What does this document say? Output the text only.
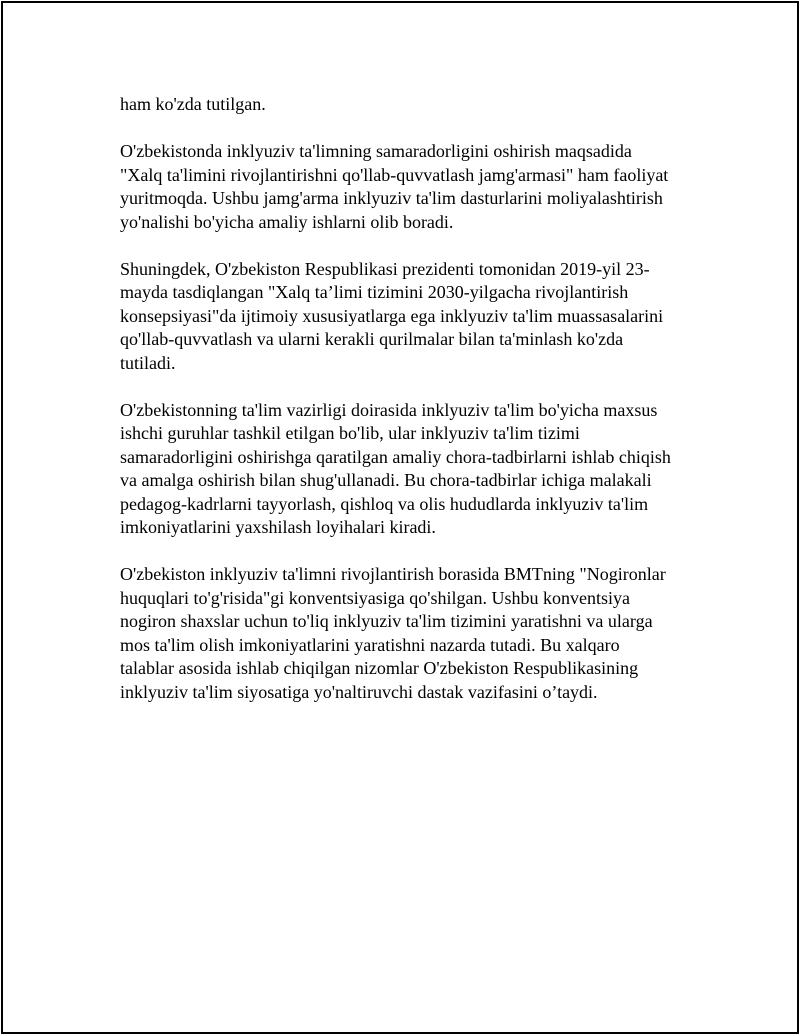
ham ko'zda tutilgan.

O'zbekistonda inklyuziv ta'limning samaradorligini oshirish maqsadida
"Xalq ta'limini rivojlantirishni qo'llab-quvvatlash jamg'armasi" ham faoliyat
yuritmoqda. Ushbu jamg'arma inklyuziv ta'lim dasturlarini moliyalashtirish
yo'nalishi bo'yicha amaliy ishlarni olib boradi.

Shuningdek, O'zbekiston Respublikasi prezidenti tomonidan 2019-yil 23-
mayda tasdiqlangan "Xalq ta’limi tizimini 2030-yilgacha rivojlantirish
konsepsiyasi"da ijtimoiy xususiyatlarga ega inklyuziv ta'lim muassasalarini
qo'llab-quvvatlash va ularni kerakli qurilmalar bilan ta'minlash ko'zda
tutiladi.

O'zbekistonning ta'lim vazirligi doirasida inklyuziv ta'lim bo'yicha maxsus
ishchi guruhlar tashkil etilgan bo'lib, ular inklyuziv ta'lim tizimi
samaradorligini oshirishga qaratilgan amaliy chora-tadbirlarni ishlab chiqish
va amalga oshirish bilan shug'ullanadi. Bu chora-tadbirlar ichiga malakali
pedagog-kadrlarni tayyorlash, qishloq va olis hududlarda inklyuziv ta'lim
imkoniyatlarini yaxshilash loyihalari kiradi.

O'zbekiston inklyuziv ta'limni rivojlantirish borasida BMTning "Nogironlar
huquqlari to'g'risida"gi konventsiyasiga qo'shilgan. Ushbu konventsiya
nogiron shaxslar uchun to'liq inklyuziv ta'lim tizimini yaratishni va ularga
mos ta'lim olish imkoniyatlarini yaratishni nazarda tutadi. Bu xalqaro
talablar asosida ishlab chiqilgan nizomlar O'zbekiston Respublikasining
inklyuziv ta'lim siyosatiga yo'naltiruvchi dastak vazifasini o’taydi.
